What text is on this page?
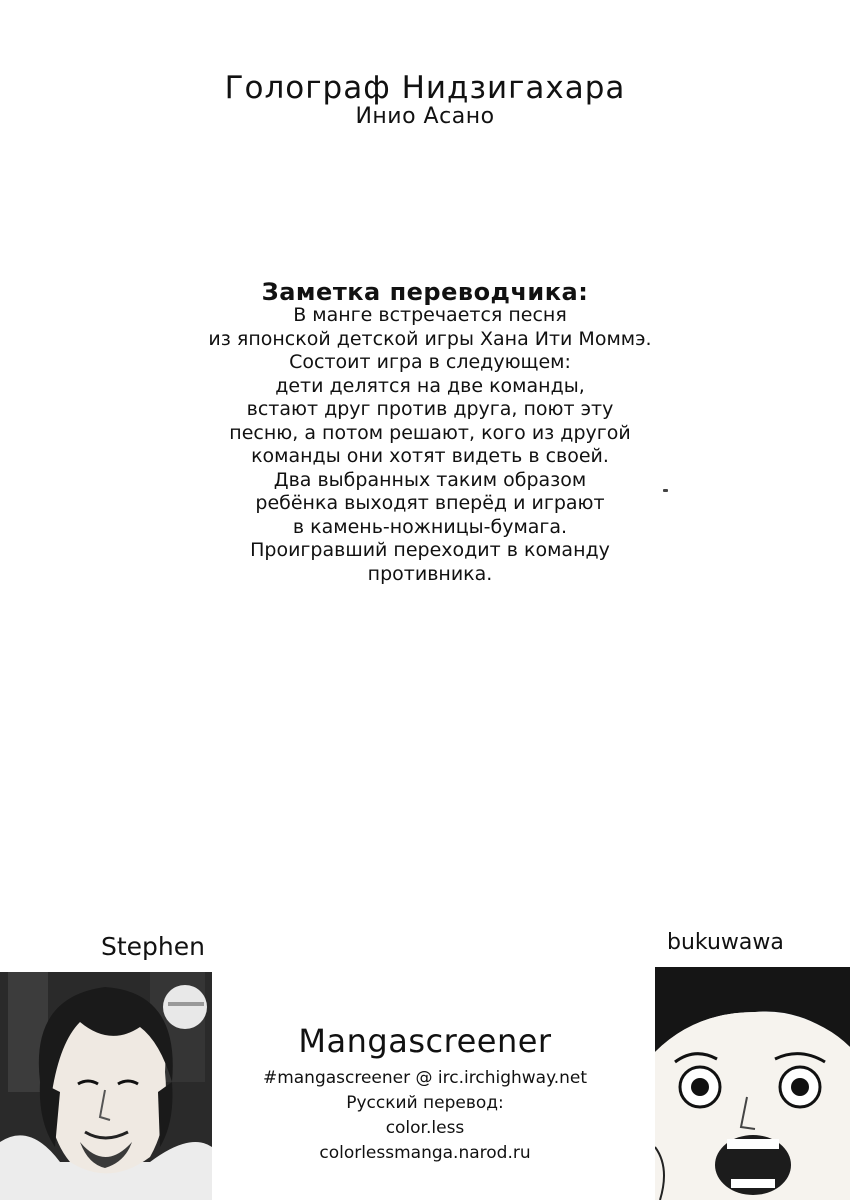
Голограф Нидзигахара
Инио Асано
Заметка переводчика:
В манге встречается песня
из японской детской игры Хана Ити Моммэ.
Состоит игра в следующем:
дети делятся на две команды,
встают друг против друга, поют эту
песню, а потом решают, кого из другой
команды они хотят видеть в своей.
Два выбранных таким образом
ребёнка выходят вперёд и играют
в камень-ножницы-бумага.
Проигравший переходит в команду
противника.
Stephen	bukuwawa
Mangascreener
#mangascreener @ irc.irchighway.net
Русский перевод:
color.less
colorlessmanga.narod.ru
